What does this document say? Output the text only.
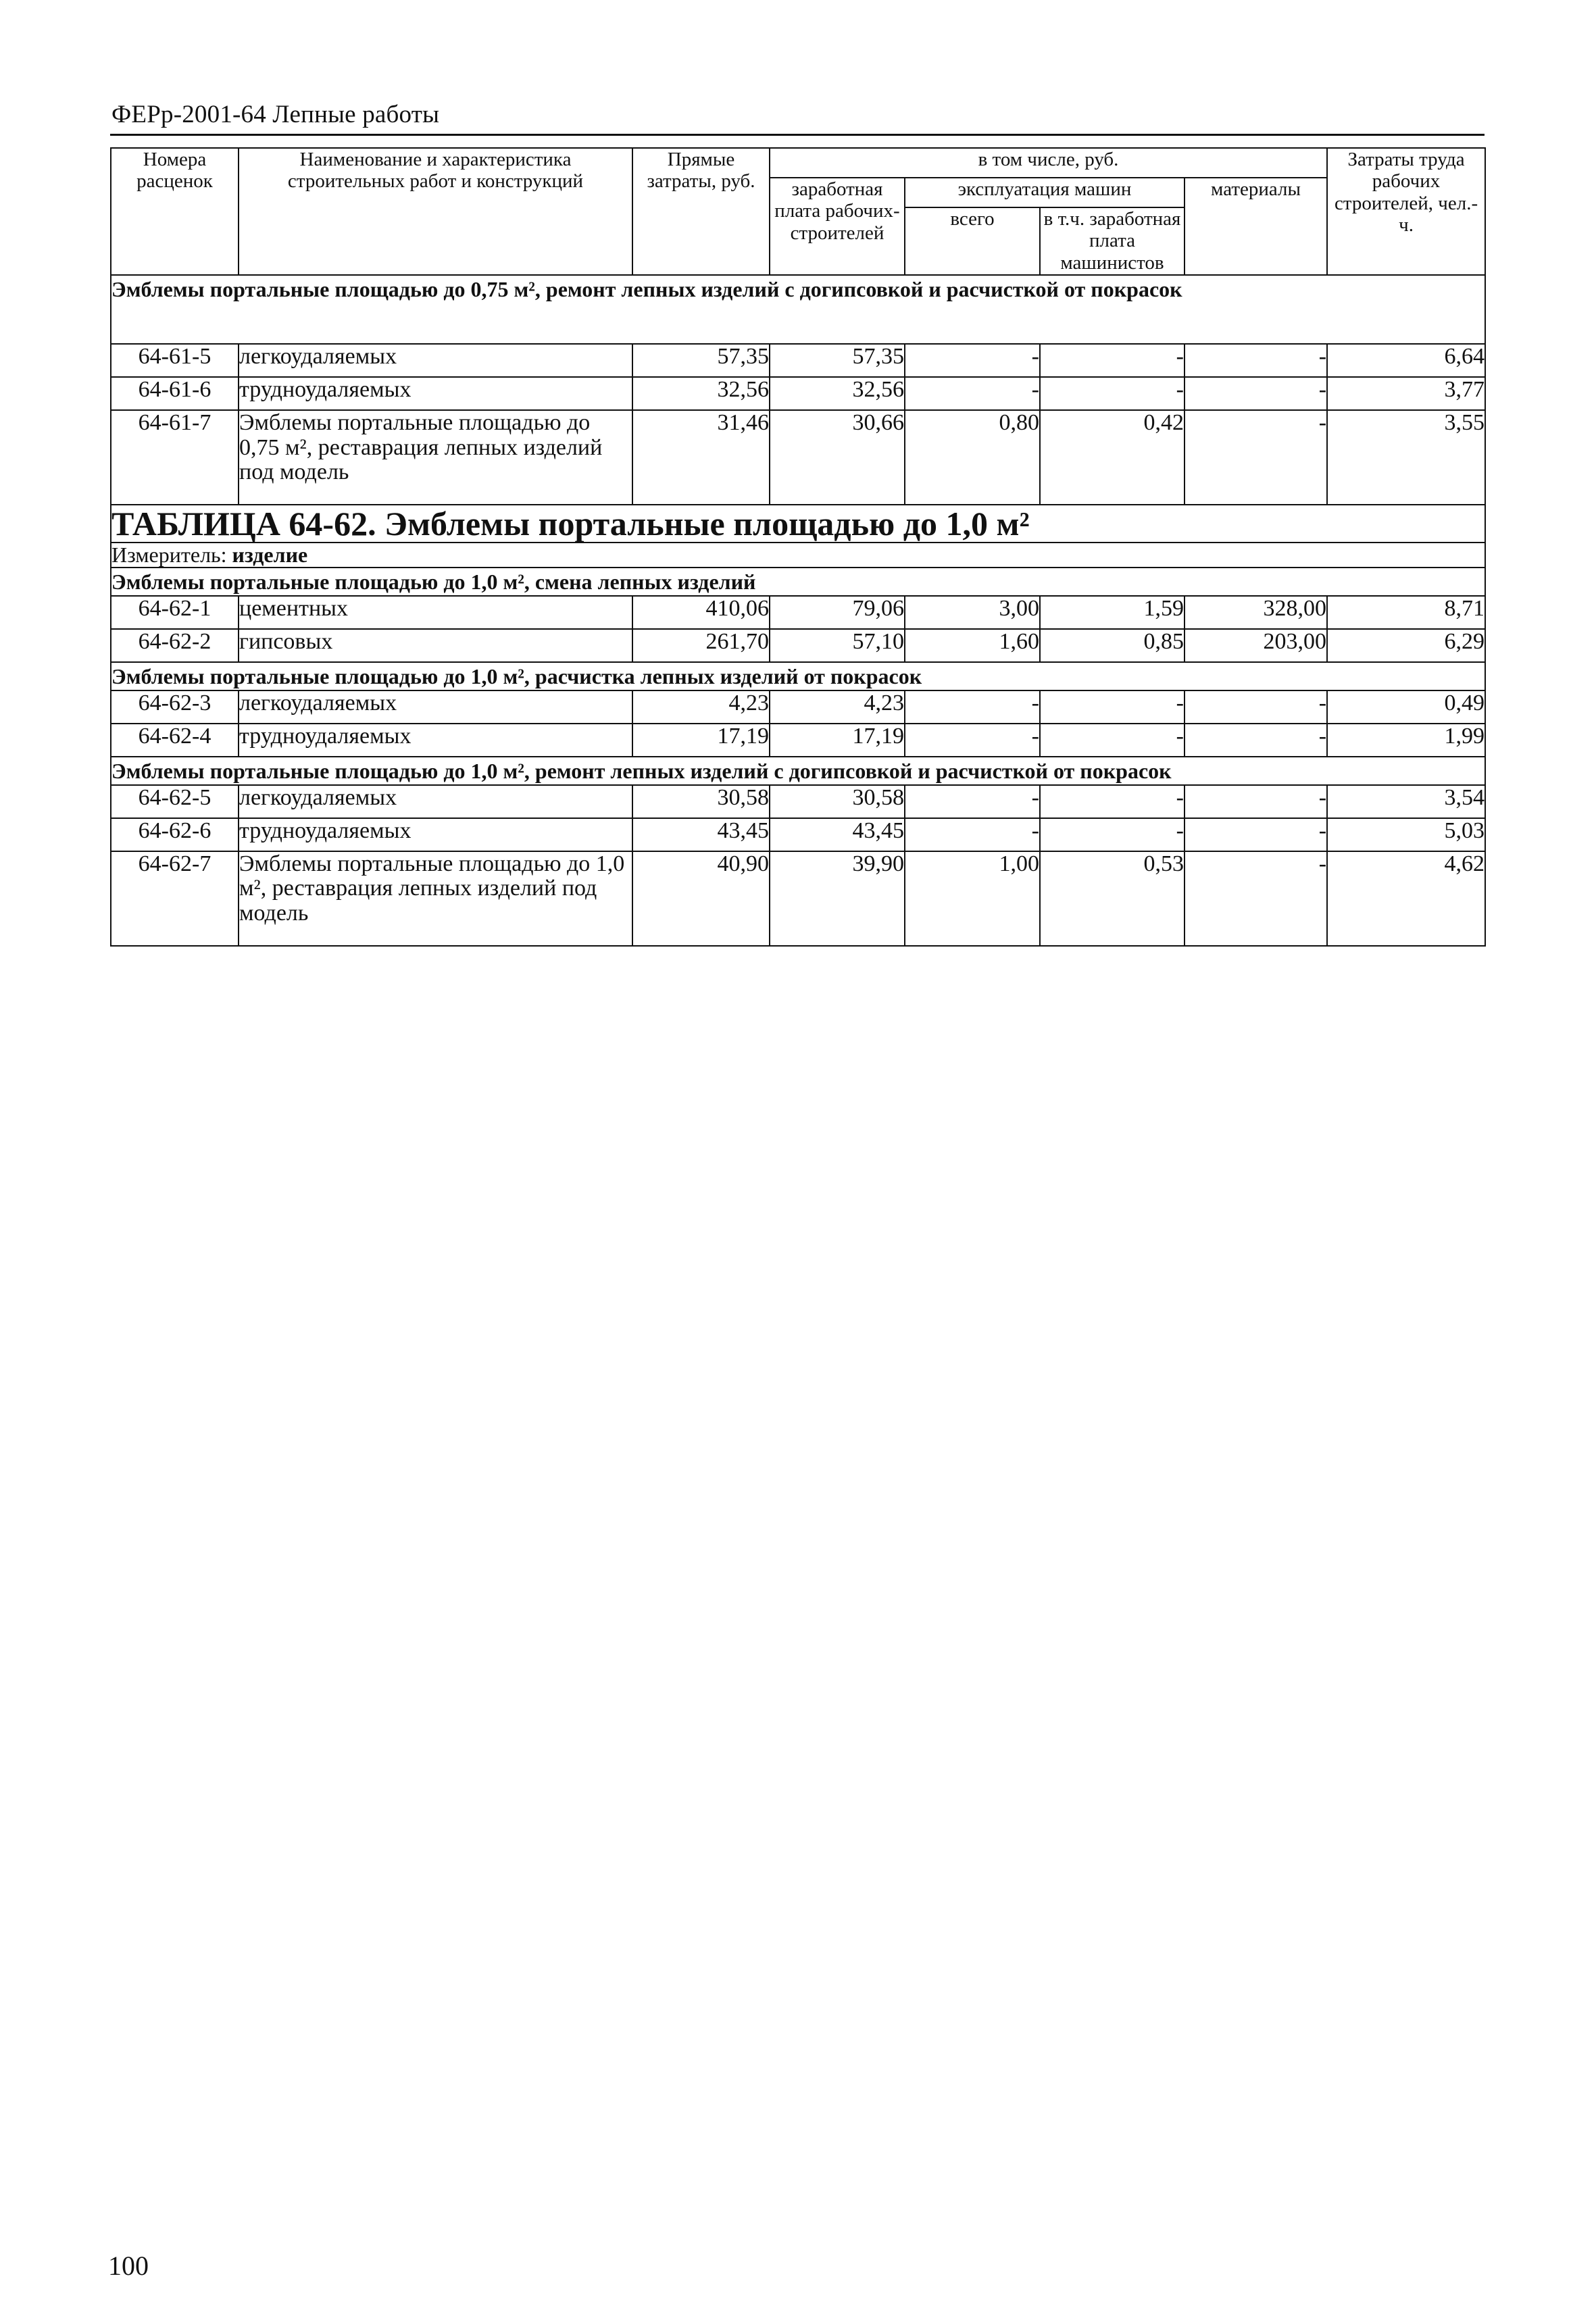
ФЕРр-2001-64 Лепные работы
Номера расценок	Наименование и характеристика строительных работ и конструкций	Прямые затраты, руб.	в том числе, руб.				Затраты труда рабочих строителей, чел.-ч.
			заработная плата рабочих-строителей	эксплуатация машин		материалы	
				всего	в т.ч. заработная плата машинистов		

Эмблемы портальные площадью до 0,75 м², ремонт лепных изделий с догипсовкой и расчисткой от покрасок							
64-61-5	легкоудаляемых	57,35	57,35	-	-	-	6,64
64-61-6	трудноудаляемых	32,56	32,56	-	-	-	3,77
64-61-7	Эмблемы портальные площадью до 0,75 м², реставрация лепных изделий под модель	31,46	30,66	0,80	0,42	-	3,55
ТАБЛИЦА 64-62. Эмблемы портальные площадью до 1,0 м²							
Измеритель: изделие							
Эмблемы портальные площадью до 1,0 м², смена лепных изделий							
64-62-1	цементных	410,06	79,06	3,00	1,59	328,00	8,71
64-62-2	гипсовых	261,70	57,10	1,60	0,85	203,00	6,29
Эмблемы портальные площадью до 1,0 м², расчистка лепных изделий от покрасок							
64-62-3	легкоудаляемых	4,23	4,23	-	-	-	0,49
64-62-4	трудноудаляемых	17,19	17,19	-	-	-	1,99
Эмблемы портальные площадью до 1,0 м², ремонт лепных изделий с догипсовкой и расчисткой от покрасок							
64-62-5	легкоудаляемых	30,58	30,58	-	-	-	3,54
64-62-6	трудноудаляемых	43,45	43,45	-	-	-	5,03
64-62-7	Эмблемы портальные площадью до 1,0 м², реставрация лепных изделий под модель	40,90	39,90	1,00	0,53	-	4,62
100
